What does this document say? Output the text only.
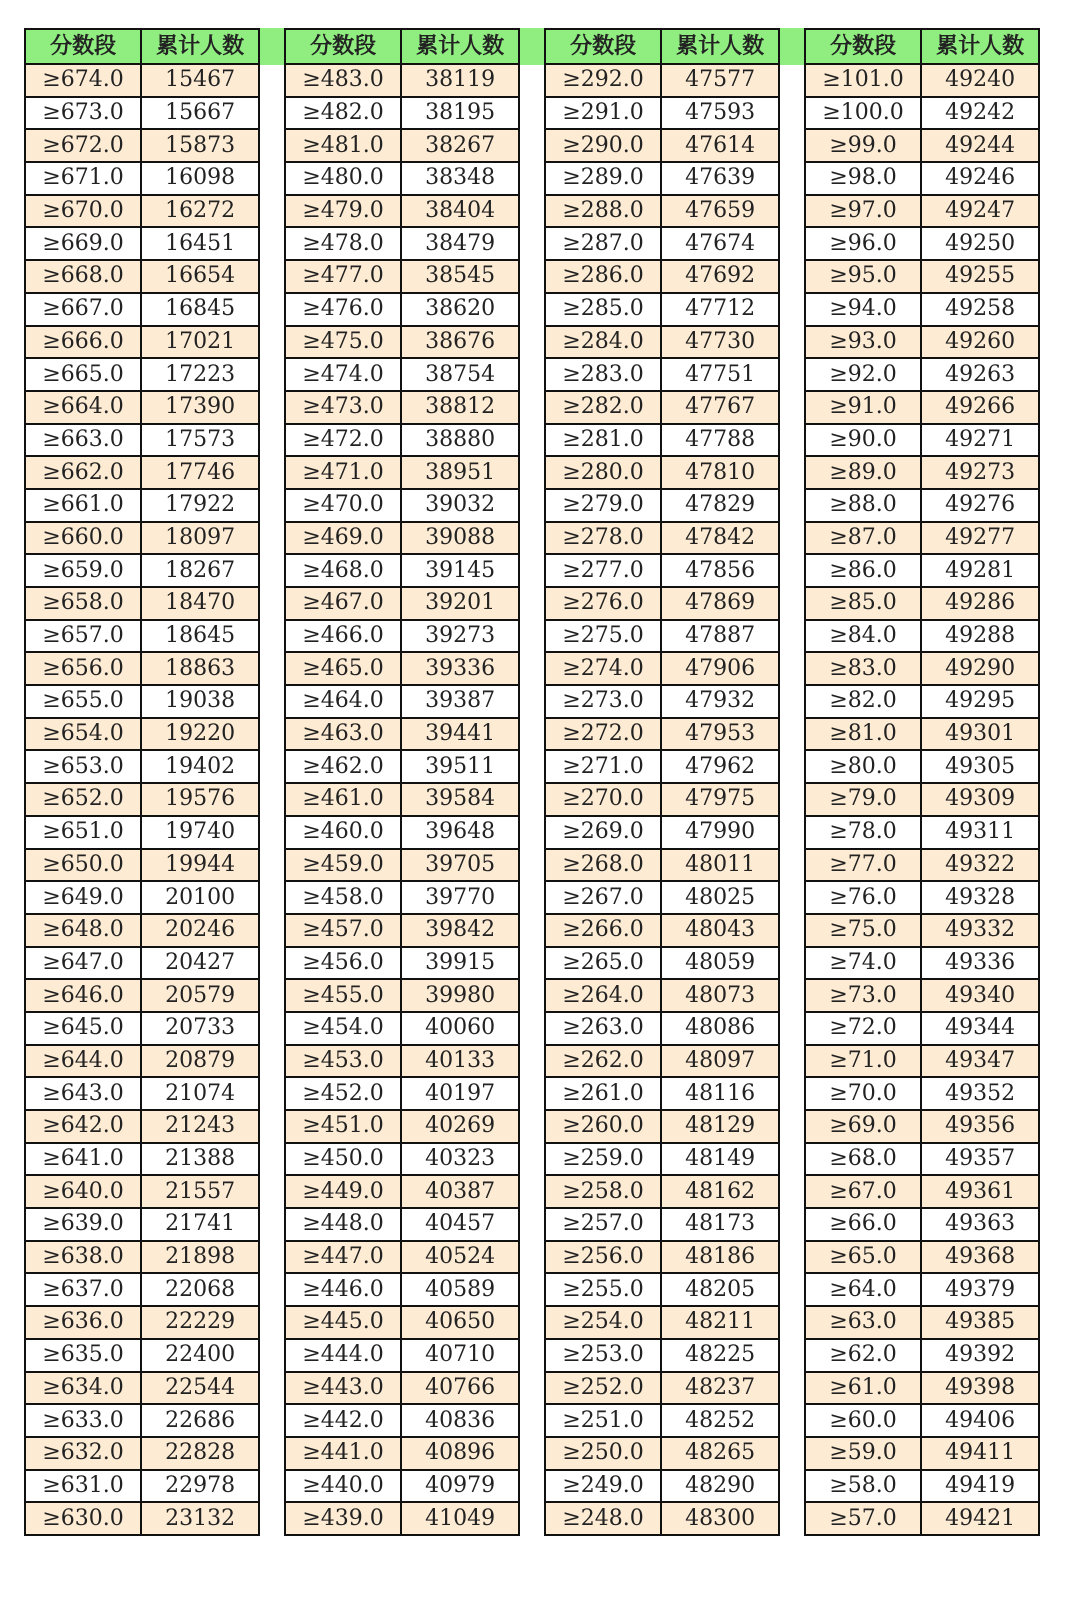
分数段	累计人数
≥674.0	15467
≥673.0	15667
≥672.0	15873
≥671.0	16098
≥670.0	16272
≥669.0	16451
≥668.0	16654
≥667.0	16845
≥666.0	17021
≥665.0	17223
≥664.0	17390
≥663.0	17573
≥662.0	17746
≥661.0	17922
≥660.0	18097
≥659.0	18267
≥658.0	18470
≥657.0	18645
≥656.0	18863
≥655.0	19038
≥654.0	19220
≥653.0	19402
≥652.0	19576
≥651.0	19740
≥650.0	19944
≥649.0	20100
≥648.0	20246
≥647.0	20427
≥646.0	20579
≥645.0	20733
≥644.0	20879
≥643.0	21074
≥642.0	21243
≥641.0	21388
≥640.0	21557
≥639.0	21741
≥638.0	21898
≥637.0	22068
≥636.0	22229
≥635.0	22400
≥634.0	22544
≥633.0	22686
≥632.0	22828
≥631.0	22978
≥630.0	23132
分数段	累计人数
≥483.0	38119
≥482.0	38195
≥481.0	38267
≥480.0	38348
≥479.0	38404
≥478.0	38479
≥477.0	38545
≥476.0	38620
≥475.0	38676
≥474.0	38754
≥473.0	38812
≥472.0	38880
≥471.0	38951
≥470.0	39032
≥469.0	39088
≥468.0	39145
≥467.0	39201
≥466.0	39273
≥465.0	39336
≥464.0	39387
≥463.0	39441
≥462.0	39511
≥461.0	39584
≥460.0	39648
≥459.0	39705
≥458.0	39770
≥457.0	39842
≥456.0	39915
≥455.0	39980
≥454.0	40060
≥453.0	40133
≥452.0	40197
≥451.0	40269
≥450.0	40323
≥449.0	40387
≥448.0	40457
≥447.0	40524
≥446.0	40589
≥445.0	40650
≥444.0	40710
≥443.0	40766
≥442.0	40836
≥441.0	40896
≥440.0	40979
≥439.0	41049
分数段	累计人数
≥292.0	47577
≥291.0	47593
≥290.0	47614
≥289.0	47639
≥288.0	47659
≥287.0	47674
≥286.0	47692
≥285.0	47712
≥284.0	47730
≥283.0	47751
≥282.0	47767
≥281.0	47788
≥280.0	47810
≥279.0	47829
≥278.0	47842
≥277.0	47856
≥276.0	47869
≥275.0	47887
≥274.0	47906
≥273.0	47932
≥272.0	47953
≥271.0	47962
≥270.0	47975
≥269.0	47990
≥268.0	48011
≥267.0	48025
≥266.0	48043
≥265.0	48059
≥264.0	48073
≥263.0	48086
≥262.0	48097
≥261.0	48116
≥260.0	48129
≥259.0	48149
≥258.0	48162
≥257.0	48173
≥256.0	48186
≥255.0	48205
≥254.0	48211
≥253.0	48225
≥252.0	48237
≥251.0	48252
≥250.0	48265
≥249.0	48290
≥248.0	48300
分数段	累计人数
≥101.0	49240
≥100.0	49242
≥99.0	49244
≥98.0	49246
≥97.0	49247
≥96.0	49250
≥95.0	49255
≥94.0	49258
≥93.0	49260
≥92.0	49263
≥91.0	49266
≥90.0	49271
≥89.0	49273
≥88.0	49276
≥87.0	49277
≥86.0	49281
≥85.0	49286
≥84.0	49288
≥83.0	49290
≥82.0	49295
≥81.0	49301
≥80.0	49305
≥79.0	49309
≥78.0	49311
≥77.0	49322
≥76.0	49328
≥75.0	49332
≥74.0	49336
≥73.0	49340
≥72.0	49344
≥71.0	49347
≥70.0	49352
≥69.0	49356
≥68.0	49357
≥67.0	49361
≥66.0	49363
≥65.0	49368
≥64.0	49379
≥63.0	49385
≥62.0	49392
≥61.0	49398
≥60.0	49406
≥59.0	49411
≥58.0	49419
≥57.0	49421
